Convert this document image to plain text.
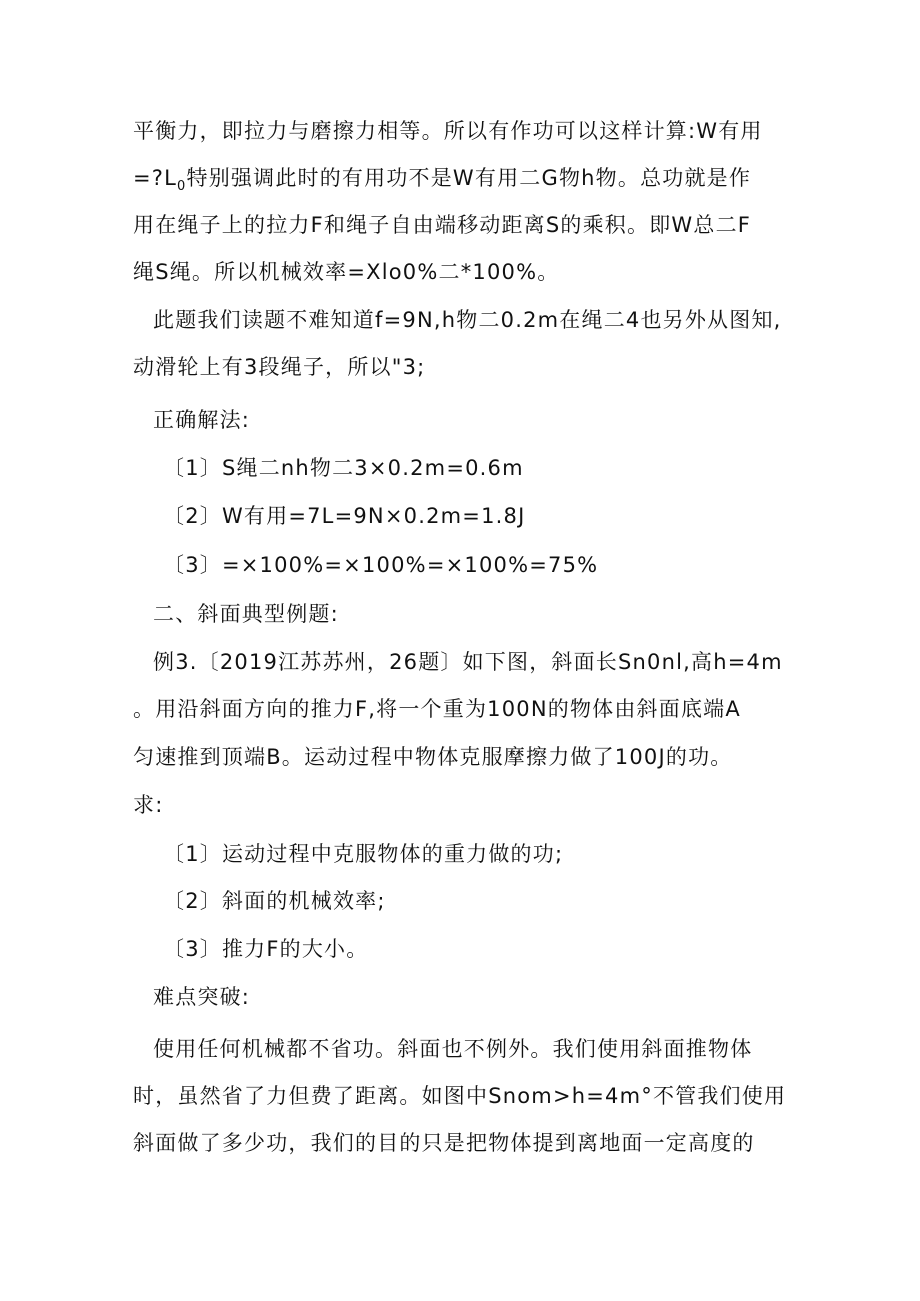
平衡力，即拉力与磨擦力相等。所以有作功可以这样计算:W有用
$=?L_0$特别强调此时的有用功不是W有用二G物h物。总功就是作
用在绳子上的拉力F和绳子自由端移动距离S的乘积。即W总二F
绳S绳。所以机械效率=Xlo0%二*100%。
此题我们读题不难知道f=9N,h物二0.2m在绳二4也另外从图知,
动滑轮上有3段绳子，所以"3;
正确解法:
〔1〕S绳二nh物二3×0.2m=0.6m
〔2〕W有用=7L=9N×0.2m=1.8J
〔3〕=×100%=×100%=×100%=75%
二、斜面典型例题:
例3.〔2019江苏苏州，26题〕如下图，斜面长Sn0nl,高h=4m
。用沿斜面方向的推力F,将一个重为100N的物体由斜面底端A
匀速推到顶端B。运动过程中物体克服摩擦力做了100J的功。
求:
〔1〕运动过程中克服物体的重力做的功;
〔2〕斜面的机械效率;
〔3〕推力F的大小。
难点突破:
使用任何机械都不省功。斜面也不例外。我们使用斜面推物体
时，虽然省了力但费了距离。如图中Snom>h=4m°不管我们使用
斜面做了多少功，我们的目的只是把物体提到离地面一定高度的
